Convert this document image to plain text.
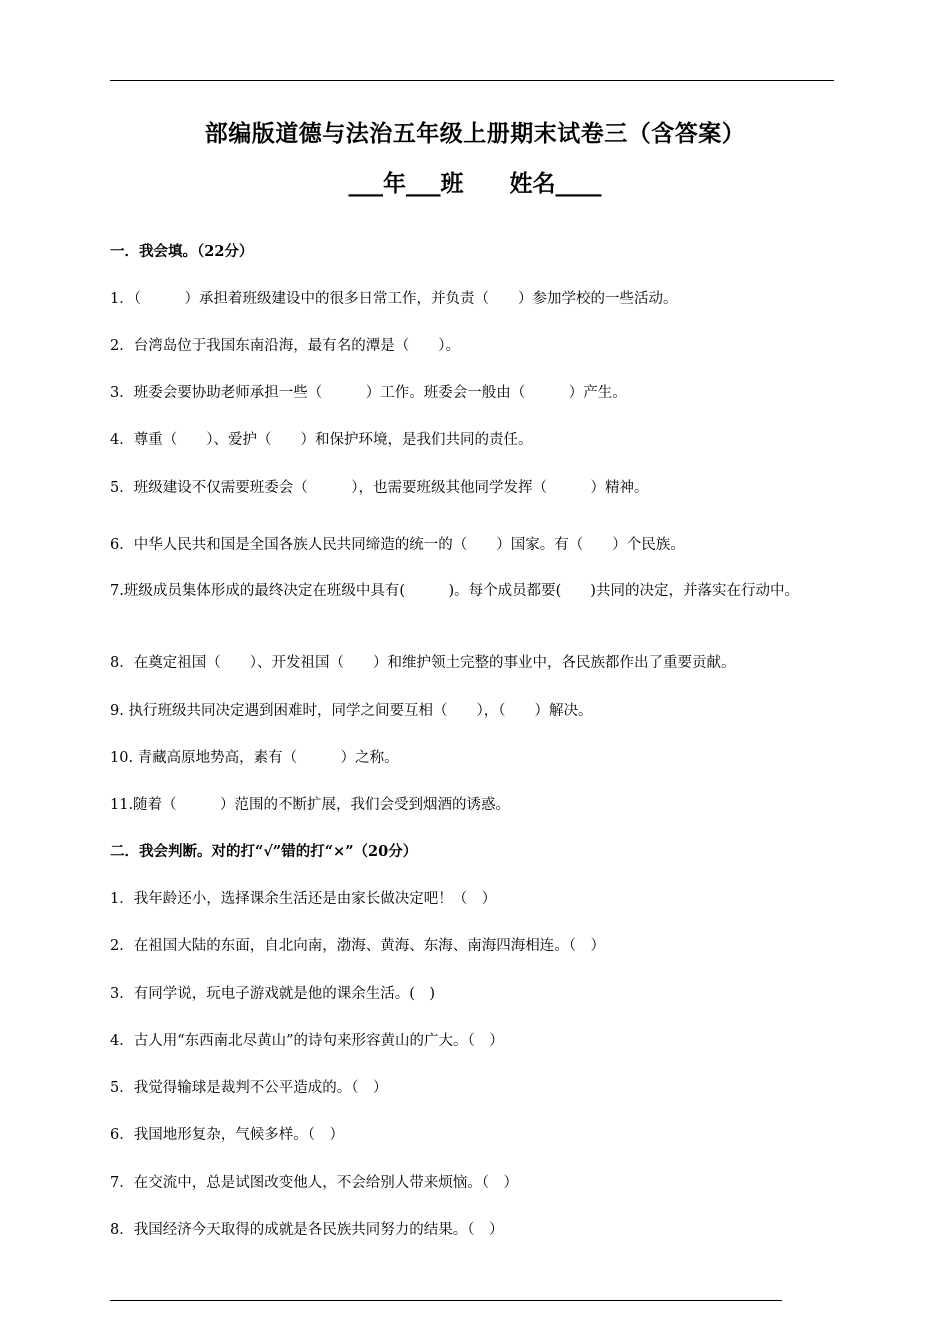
部编版道德与法治五年级上册期末试卷三（含答案）
___年___班　　姓名____
一．我会填。（22分）
1．（　　　）承担着班级建设中的很多日常工作，并负责（　　）参加学校的一些活动。
2．台湾岛位于我国东南沿海，最有名的潭是（　　）。
3．班委会要协助老师承担一些（　　　）工作。班委会一般由（　　　）产生。
4．尊重（　　）、爱护（　　）和保护环境，是我们共同的责任。
5．班级建设不仅需要班委会（　　　），也需要班级其他同学发挥（　　　）精神。
6．中华人民共和国是全国各族人民共同缔造的统一的（　　）国家。有（　　）个民族。
7.班级成员集体形成的最终决定在班级中具有(　　　)。每个成员都要(　　)共同的决定，并落实在行动中。
8．在奠定祖国（　　）、开发祖国（　　）和维护领土完整的事业中，各民族都作出了重要贡献。
9. 执行班级共同决定遇到困难时，同学之间要互相（　　），（　　）解决。
10. 青藏高原地势高，素有（　　　）之称。
11.随着（　　　）范围的不断扩展，我们会受到烟酒的诱惑。
二．我会判断。对的打“√”错的打“×”（20分）
1．我年龄还小，选择课余生活还是由家长做决定吧！（　）
2．在祖国大陆的东面，自北向南，渤海、黄海、东海、南海四海相连。（　）
3．有同学说，玩电子游戏就是他的课余生活。(　)
4．古人用“东西南北尽黄山”的诗句来形容黄山的广大。（　）
5．我觉得输球是裁判不公平造成的。（　）
6．我国地形复杂，气候多样。（　）
7．在交流中，总是试图改变他人，不会给别人带来烦恼。（　）
8．我国经济今天取得的成就是各民族共同努力的结果。（　）
